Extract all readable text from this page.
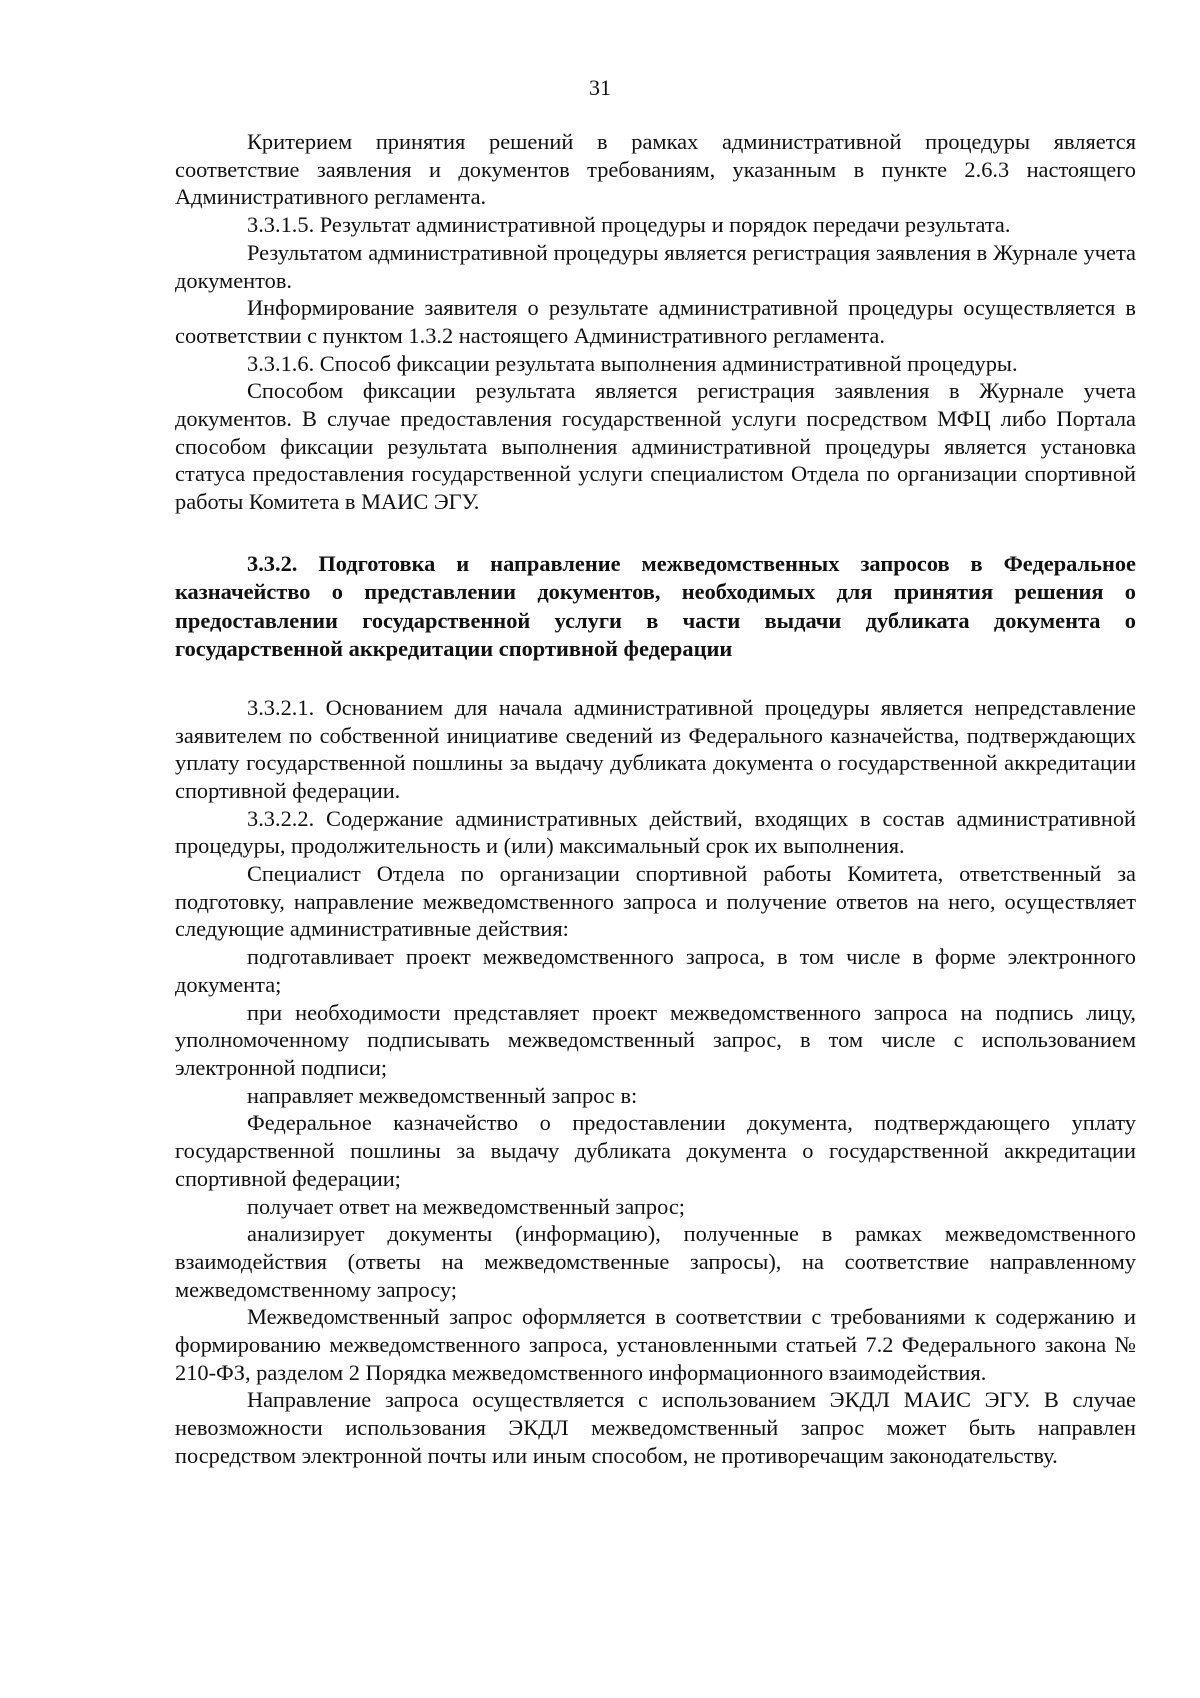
31

Критерием принятия решений в рамках административной процедуры является соответствие заявления и документов требованиям, указанным в пункте 2.6.3 настоящего Административного регламента.

3.3.1.5. Результат административной процедуры и порядок передачи результата.

Результатом административной процедуры является регистрация заявления в Журнале учета документов.

Информирование заявителя о результате административной процедуры осуществляется в соответствии с пунктом 1.3.2 настоящего Административного регламента.

3.3.1.6. Способ фиксации результата выполнения административной процедуры.

Способом фиксации результата является регистрация заявления в Журнале учета документов. В случае предоставления государственной услуги посредством МФЦ либо Портала способом фиксации результата выполнения административной процедуры является установка статуса предоставления государственной услуги специалистом Отдела по организации спортивной работы Комитета в МАИС ЭГУ.

3.3.2. Подготовка и направление межведомственных запросов в Федеральное казначейство о представлении документов, необходимых для принятия решения о предоставлении государственной услуги в части выдачи дубликата документа о государственной аккредитации спортивной федерации

3.3.2.1. Основанием для начала административной процедуры является непредставление заявителем по собственной инициативе сведений из Федерального казначейства, подтверждающих уплату государственной пошлины за выдачу дубликата документа о государственной аккредитации спортивной федерации.

3.3.2.2. Содержание административных действий, входящих в состав административной процедуры, продолжительность и (или) максимальный срок их выполнения.

Специалист Отдела по организации спортивной работы Комитета, ответственный за подготовку, направление межведомственного запроса и получение ответов на него, осуществляет следующие административные действия:

подготавливает проект межведомственного запроса, в том числе в форме электронного документа;

при необходимости представляет проект межведомственного запроса на подпись лицу, уполномоченному подписывать межведомственный запрос, в том числе с использованием электронной подписи;

направляет межведомственный запрос в:

Федеральное казначейство о предоставлении документа, подтверждающего уплату государственной пошлины за выдачу дубликата документа о государственной аккредитации спортивной федерации;

получает ответ на межведомственный запрос;

анализирует документы (информацию), полученные в рамках межведомственного взаимодействия (ответы на межведомственные запросы), на соответствие направленному межведомственному запросу;

Межведомственный запрос оформляется в соответствии с требованиями к содержанию и формированию межведомственного запроса, установленными статьей 7.2 Федерального закона № 210-ФЗ, разделом 2 Порядка межведомственного информационного взаимодействия.

Направление запроса осуществляется с использованием ЭКДЛ МАИС ЭГУ. В случае невозможности использования ЭКДЛ межведомственный запрос может быть направлен посредством электронной почты или иным способом, не противоречащим законодательству.
